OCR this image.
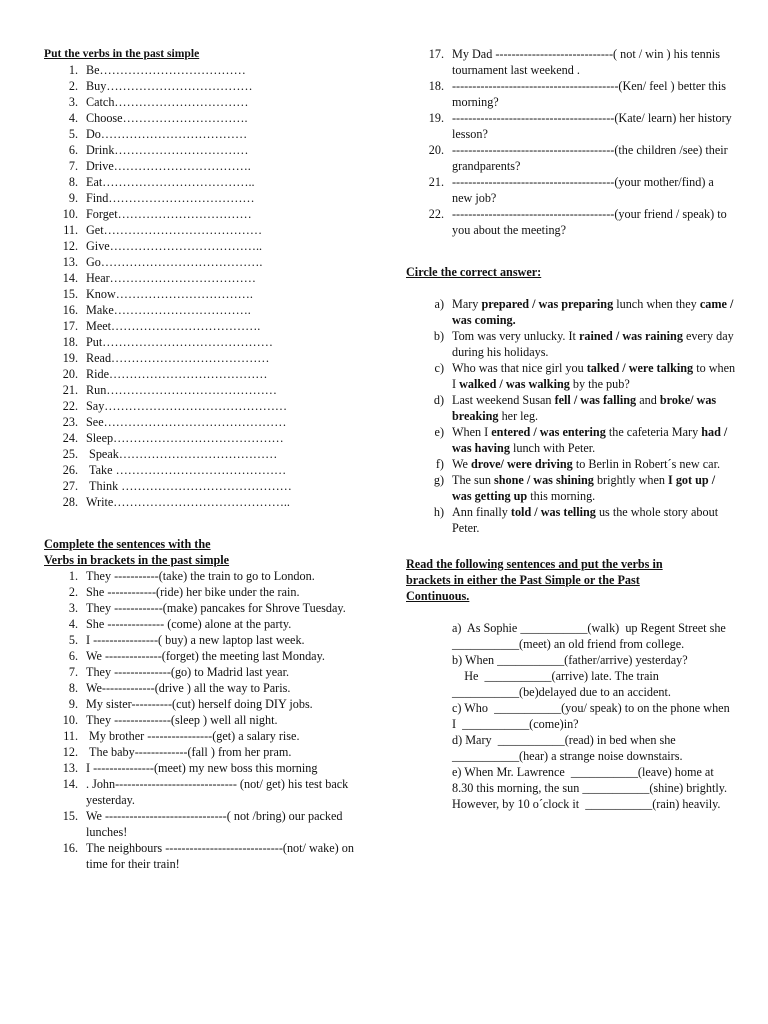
Put the verbs in the past simple

1. Be………………………………
2. Buy………………………………
3. Catch……………………………
4. Choose………………………….
5. Do………………………………
6. Drink……………………………
7. Drive…………………………….
8. Eat………………………………..
9. Find………………………………
10. Forget……………………………
11. Get…………………………………
12. Give………………………………..
13. Go………………………………….
14. Hear………………………………
15. Know…………………………….
16. Make…………………………….
17. Meet……………………………….
18. Put……………………………………
19. Read…………………………………
20. Ride…………………………………
21. Run……………………………………
22. Say………………………………………
23. See………………………………………
24. Sleep……………………………………
25. Speak…………………………………
26. Take ……………………………………
27. Think ……………………………………
28. Write……………………………………..

Complete the sentences with the

Verbs in brackets in the past simple

1. They -----------(take) the train to go to London.
2. She ------------(ride) her bike under the rain.
3. They ------------(make) pancakes for Shrove Tuesday.
4. She -------------- (come) alone at the party.
5. I ----------------( buy) a new laptop last week.
6. We --------------(forget) the meeting last Monday.
7. They --------------(go) to Madrid last year.
8. We-------------(drive ) all the way to Paris.
9. My sister----------(cut) herself doing DIY jobs.
10. They --------------(sleep ) well all night.
11. My brother ----------------(get) a salary rise.
12. The baby-------------(fall ) from her pram.
13. I ---------------(meet) my new boss this morning
14. . John------------------------------ (not/ get) his test back yesterday.
15. We ------------------------------( not /bring) our packed lunches!
16. The neighbours -----------------------------(not/ wake) on time for their train!
17. My Dad -----------------------------( not / win ) his tennis tournament last weekend .
18. -----------------------------------------(Ken/ feel ) better this morning?
19. ----------------------------------------(Kate/ learn) her history lesson?
20. ----------------------------------------(the children /see) their grandparents?
21. ----------------------------------------(your mother/find) a new job?
22. ----------------------------------------(your friend / speak) to you about the meeting?

Circle the correct answer:

a) Mary prepared / was preparing lunch when they came / was coming.
b) Tom was very unlucky. It rained / was raining every day during his holidays.
c) Who was that nice girl you talked / were talking to when I walked / was walking by the pub?
d) Last weekend Susan fell / was falling and broke/ was breaking her leg.
e) When I entered / was entering the cafeteria Mary had / was having lunch with Peter.
f) We drove/ were driving to Berlin in Robert´s new car.
g) The sun shone / was shining brightly when I got up / was getting up this morning.
h) Ann finally told / was telling us the whole story about Peter.

Read the following sentences and put the verbs in

brackets in either the Past Simple or the Past

Continuous.

a)  As Sophie ___________(walk)  up Regent Street she  ___________(meet) an old friend from college.
b) When ___________(father/arrive) yesterday?
He  ___________(arrive) late. The train ___________(be)delayed due to an accident.
c) Who  ___________(you/ speak) to on the phone when I  ___________(come)in?
d) Mary  ___________(read) in bed when she ___________(hear) a strange noise downstairs.
e) When Mr. Lawrence  ___________(leave) home at 8.30 this morning, the sun ___________(shine) brightly. However, by 10 o´clock it  ___________(rain) heavily.
